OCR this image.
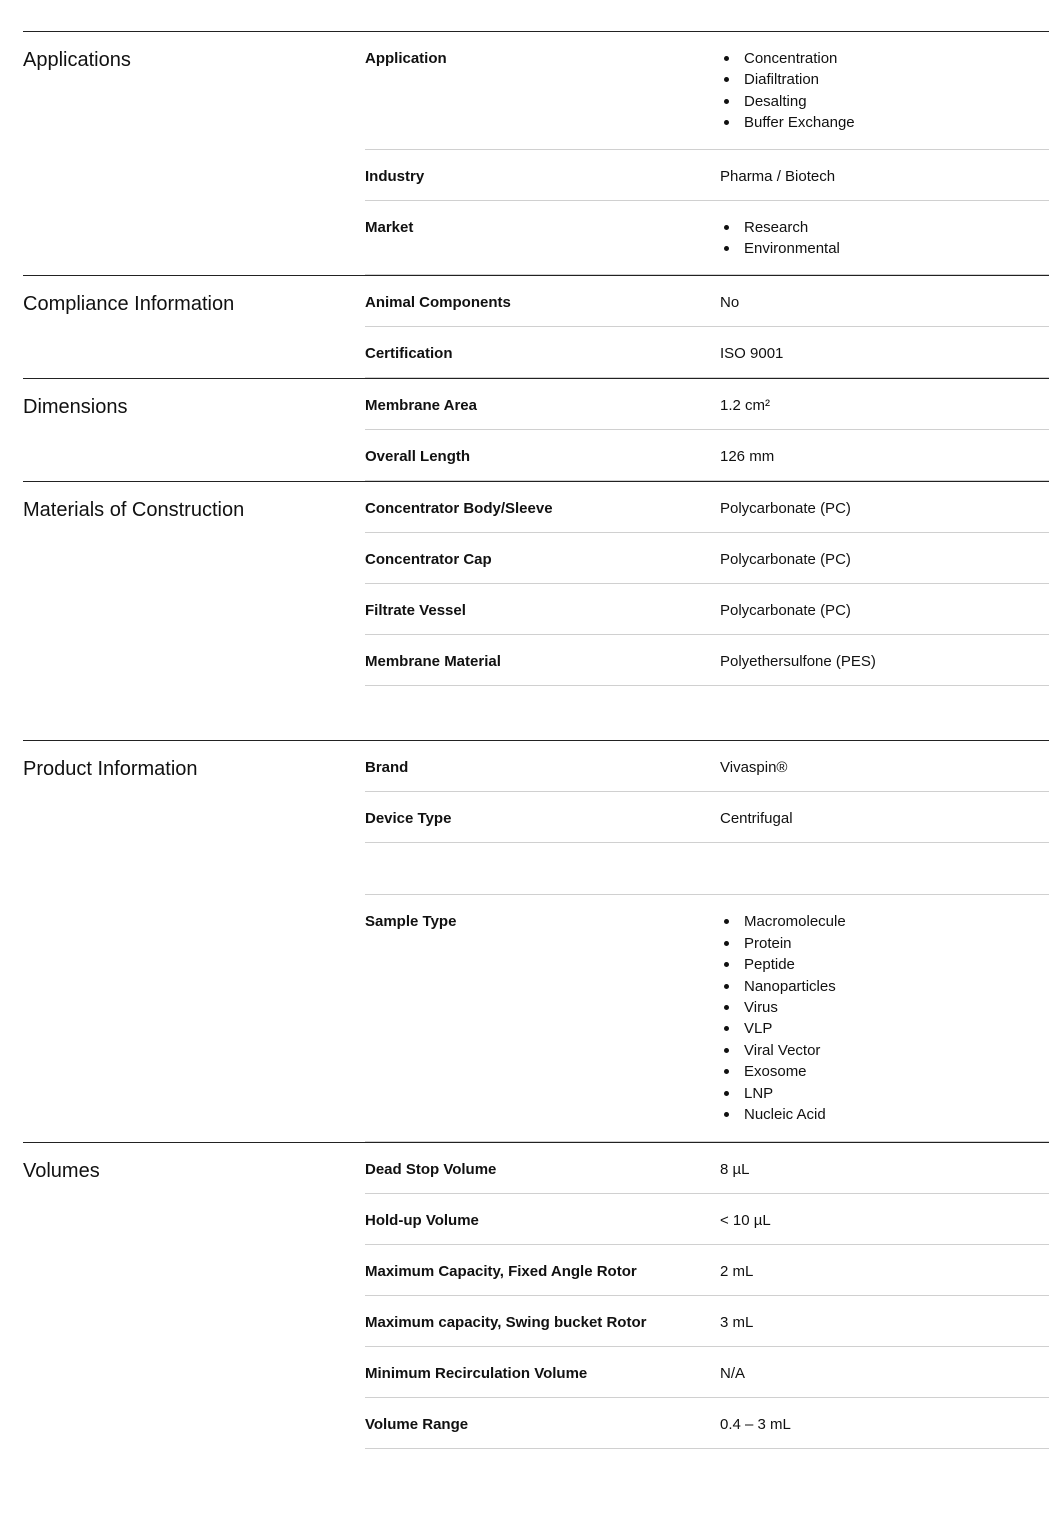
Applications	Application	Concentration
Diafiltration
Desalting
Buffer Exchange
Industry	Pharma / Biotech
Market	Research
Environmental
Compliance Information	Animal Components	No
Certification	ISO 9001
Dimensions	Membrane Area	1.2 cm²
Overall Length	126 mm
Materials of Construction	Concentrator Body/Sleeve	Polycarbonate (PC)
Concentrator Cap	Polycarbonate (PC)
Filtrate Vessel	Polycarbonate (PC)
Membrane Material	Polyethersulfone (PES)
Product Information	Brand	Vivaspin®
Device Type	Centrifugal
Sample Type	Macromolecule
Protein
Peptide
Nanoparticles
Virus
VLP
Viral Vector
Exosome
LNP
Nucleic Acid
Volumes	Dead Stop Volume	8 µL
Hold-up Volume	< 10 µL
Maximum Capacity, Fixed Angle Rotor	2 mL
Maximum capacity, Swing bucket Rotor	3 mL
Minimum Recirculation Volume	N/A
Volume Range	0.4 – 3 mL
